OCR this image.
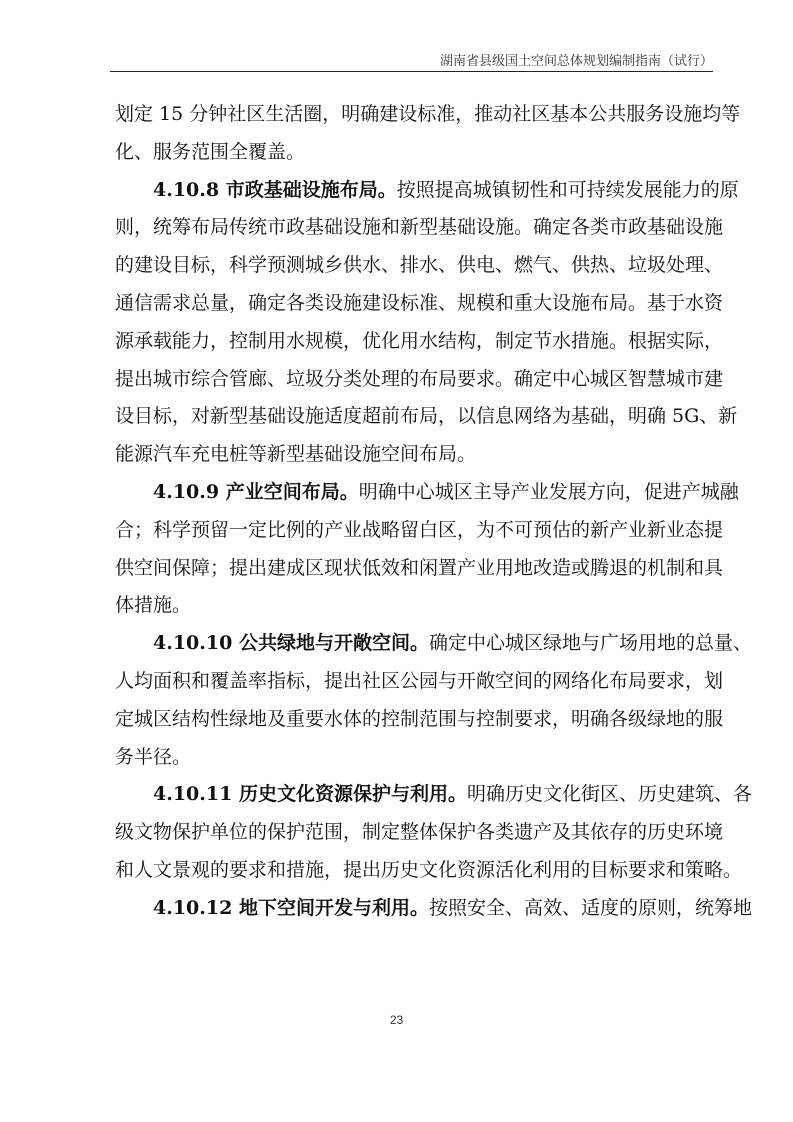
湖南省县级国土空间总体规划编制指南（试行）
划定 15 分钟社区生活圈，明确建设标准，推动社区基本公共服务设施均等
化、服务范围全覆盖。
4.10.8 市政基础设施布局。按照提高城镇韧性和可持续发展能力的原
则，统筹布局传统市政基础设施和新型基础设施。确定各类市政基础设施
的建设目标，科学预测城乡供水、排水、供电、燃气、供热、垃圾处理、
通信需求总量，确定各类设施建设标准、规模和重大设施布局。基于水资
源承载能力，控制用水规模，优化用水结构，制定节水措施。根据实际，
提出城市综合管廊、垃圾分类处理的布局要求。确定中心城区智慧城市建
设目标，对新型基础设施适度超前布局，以信息网络为基础，明确 5G、新
能源汽车充电桩等新型基础设施空间布局。
4.10.9 产业空间布局。明确中心城区主导产业发展方向，促进产城融
合；科学预留一定比例的产业战略留白区，为不可预估的新产业新业态提
供空间保障；提出建成区现状低效和闲置产业用地改造或腾退的机制和具
体措施。
4.10.10 公共绿地与开敞空间。确定中心城区绿地与广场用地的总量、
人均面积和覆盖率指标，提出社区公园与开敞空间的网络化布局要求，划
定城区结构性绿地及重要水体的控制范围与控制要求，明确各级绿地的服
务半径。
4.10.11 历史文化资源保护与利用。明确历史文化街区、历史建筑、各
级文物保护单位的保护范围，制定整体保护各类遗产及其依存的历史环境
和人文景观的要求和措施，提出历史文化资源活化利用的目标要求和策略。
4.10.12 地下空间开发与利用。按照安全、高效、适度的原则，统筹地
23
